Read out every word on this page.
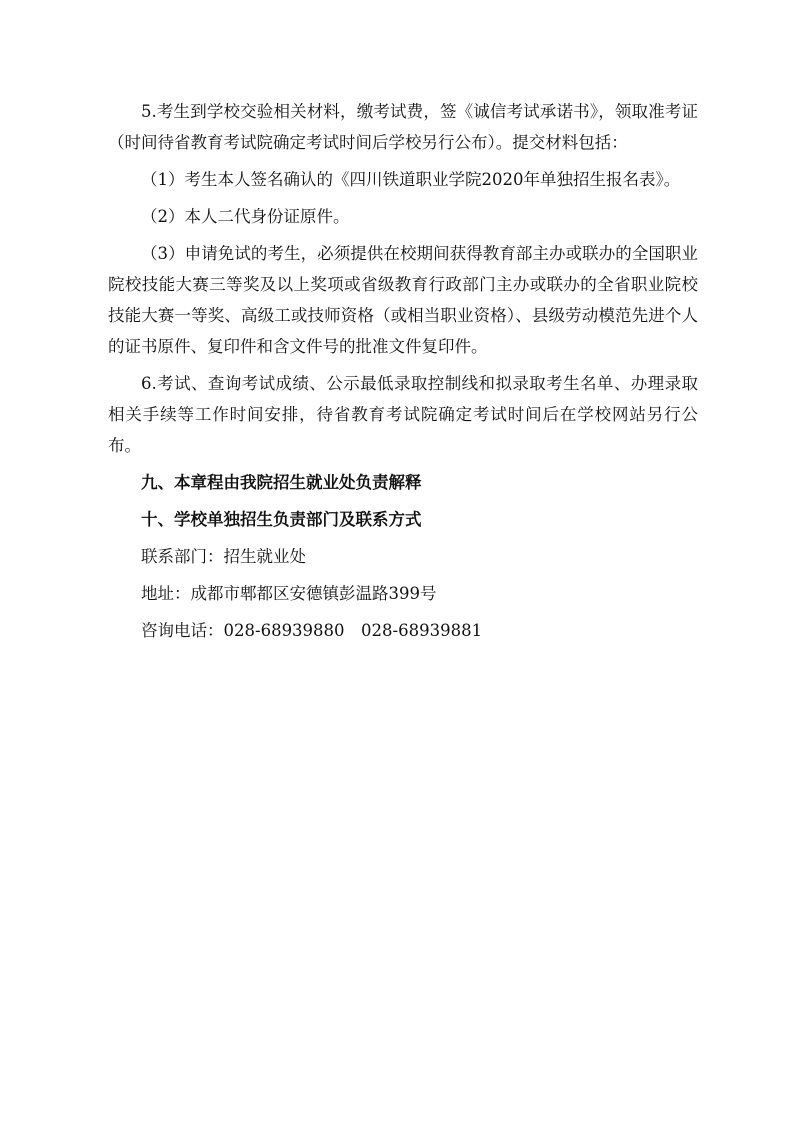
5.考生到学校交验相关材料，缴考试费，签《诚信考试承诺书》，领取准考证（时间待省教育考试院确定考试时间后学校另行公布）。提交材料包括：

（1）考生本人签名确认的《四川铁道职业学院2020年单独招生报名表》。

（2）本人二代身份证原件。

（3）申请免试的考生，必须提供在校期间获得教育部主办或联办的全国职业院校技能大赛三等奖及以上奖项或省级教育行政部门主办或联办的全省职业院校技能大赛一等奖、高级工或技师资格（或相当职业资格）、县级劳动模范先进个人的证书原件、复印件和含文件号的批准文件复印件。

6.考试、查询考试成绩、公示最低录取控制线和拟录取考生名单、办理录取相关手续等工作时间安排，待省教育考试院确定考试时间后在学校网站另行公布。

九、本章程由我院招生就业处负责解释

十、学校单独招生负责部门及联系方式

联系部门：招生就业处

地址：成都市郫都区安德镇彭温路399号

咨询电话：028-68939880　028-68939881
